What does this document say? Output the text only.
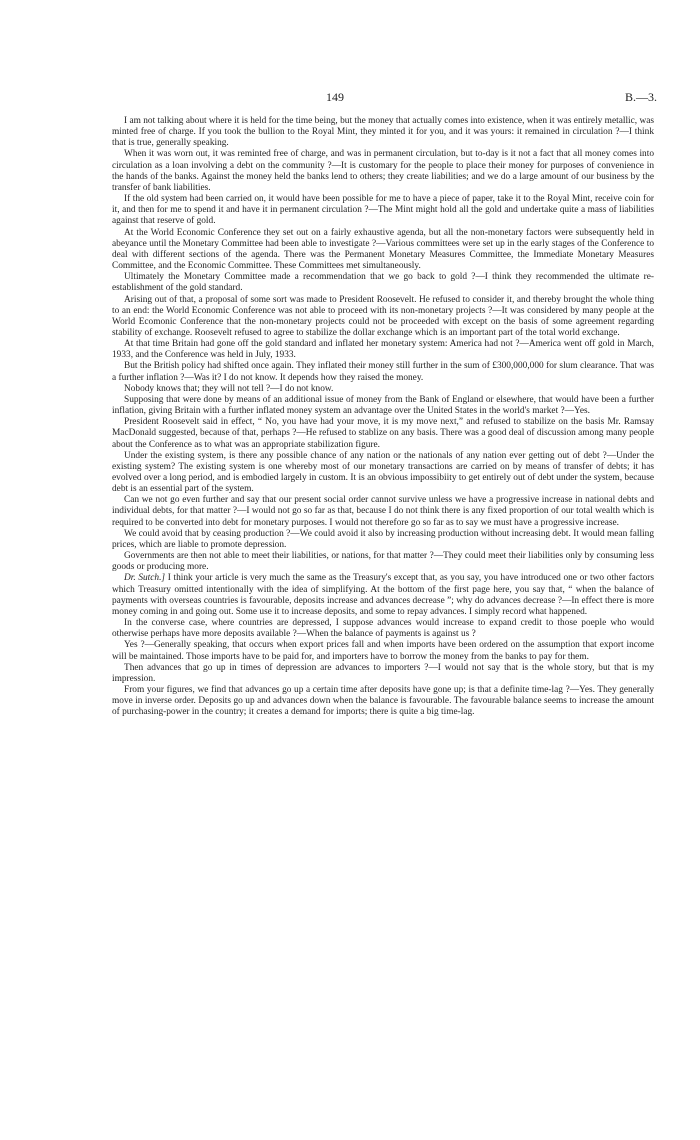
149	B.—3.

I am not talking about where it is held for the time being, but the money that actually comes into existence, when it was entirely metallic, was minted free of charge. If you took the bullion to the Royal Mint, they minted it for you, and it was yours: it remained in circulation ?—I think that is true, generally speaking.

When it was worn out, it was reminted free of charge, and was in permanent circulation, but to-day is it not a fact that all money comes into circulation as a loan involving a debt on the community ?—It is customary for the people to place their money for purposes of convenience in the hands of the banks. Against the money held the banks lend to others; they create liabilities; and we do a large amount of our business by the transfer of bank liabilities.

If the old system had been carried on, it would have been possible for me to have a piece of paper, take it to the Royal Mint, receive coin for it, and then for me to spend it and have it in permanent circulation ?—The Mint might hold all the gold and undertake quite a mass of liabilities against that reserve of gold.

At the World Economic Conference they set out on a fairly exhaustive agenda, but all the non-monetary factors were subsequently held in abeyance until the Monetary Committee had been able to investigate ?—Various committees were set up in the early stages of the Conference to deal with different sections of the agenda. There was the Permanent Monetary Measures Committee, the Immediate Monetary Measures Committee, and the Economic Committee. These Committees met simultaneously.

Ultimately the Monetary Committee made a recommendation that we go back to gold ?—I think they recommended the ultimate re-establishment of the gold standard.

Arising out of that, a proposal of some sort was made to President Roosevelt. He refused to consider it, and thereby brought the whole thing to an end: the World Economic Conference was not able to proceed with its non-monetary projects ?—It was considered by many people at the World Ecomonic Conference that the non-monetary projects could not be proceeded with except on the basis of some agreement regarding stability of exchange. Roosevelt refused to agree to stabilize the dollar exchange which is an important part of the total world exchange.

At that time Britain had gone off the gold standard and inflated her monetary system: America had not ?—America went off gold in March, 1933, and the Conference was held in July, 1933.

But the British policy had shifted once again. They inflated their money still further in the sum of £300,000,000 for slum clearance. That was a further inflation ?—Was it? I do not know. It depends how they raised the money.

Nobody knows that; they will not tell ?—I do not know.

Supposing that were done by means of an additional issue of money from the Bank of England or elsewhere, that would have been a further inflation, giving Britain with a further inflated money system an advantage over the United States in the world's market ?—Yes.

President Roosevelt said in effect, “ No, you have had your move, it is my move next,” and refused to stabilize on the basis Mr. Ramsay MacDonald suggested, because of that, perhaps ?—He refused to stablize on any basis. There was a good deal of discussion among many people about the Conference as to what was an appropriate stabilization figure.

Under the existing system, is there any possible chance of any nation or the nationals of any nation ever getting out of debt ?—Under the existing system? The existing system is one whereby most of our monetary transactions are carried on by means of transfer of debts; it has evolved over a long period, and is embodied largely in custom. It is an obvious impossibiity to get entirely out of debt under the system, because debt is an essential part of the system.

Can we not go even further and say that our present social order cannot survive unless we have a progressive increase in national debts and individual debts, for that matter ?—I would not go so far as that, because I do not think there is any fixed proportion of our total wealth which is required to be converted into debt for monetary purposes. I would not therefore go so far as to say we must have a progressive increase.

We could avoid that by ceasing production ?—We could avoid it also by increasing production without increasing debt. It would mean falling prices, which are liable to promote depression.

Governments are then not able to meet their liabilities, or nations, for that matter ?—They could meet their liabilities only by consuming less goods or producing more.

Dr. Sutch.] I think your article is very much the same as the Treasury's except that, as you say, you have introduced one or two other factors which Treasury omitted intentionally with the idea of simplifying. At the bottom of the first page here, you say that, “ when the balance of payments with overseas countries is favourable, deposits increase and advances decrease ”; why do advances decrease ?—In effect there is more money coming in and going out. Some use it to increase deposits, and some to repay advances. I simply record what happened.

In the converse case, where countries are depressed, I suppose advances would increase to expand credit to those poeple who would otherwise perhaps have more deposits available ?—When the balance of payments is against us ?

Yes ?—Generally speaking, that occurs when export prices fall and when imports have been ordered on the assumption that export income will be maintained. Those imports have to be paid for, and importers have to borrow the money from the banks to pay for them.

Then advances that go up in times of depression are advances to importers ?—I would not say that is the whole story, but that is my impression.

From your figures, we find that advances go up a certain time after deposits have gone up; is that a definite time-lag ?—Yes. They generally move in inverse order. Deposits go up and advances down when the balance is favourable. The favourable balance seems to increase the amount of purchasing-power in the country; it creates a demand for imports; there is quite a big time-lag.
